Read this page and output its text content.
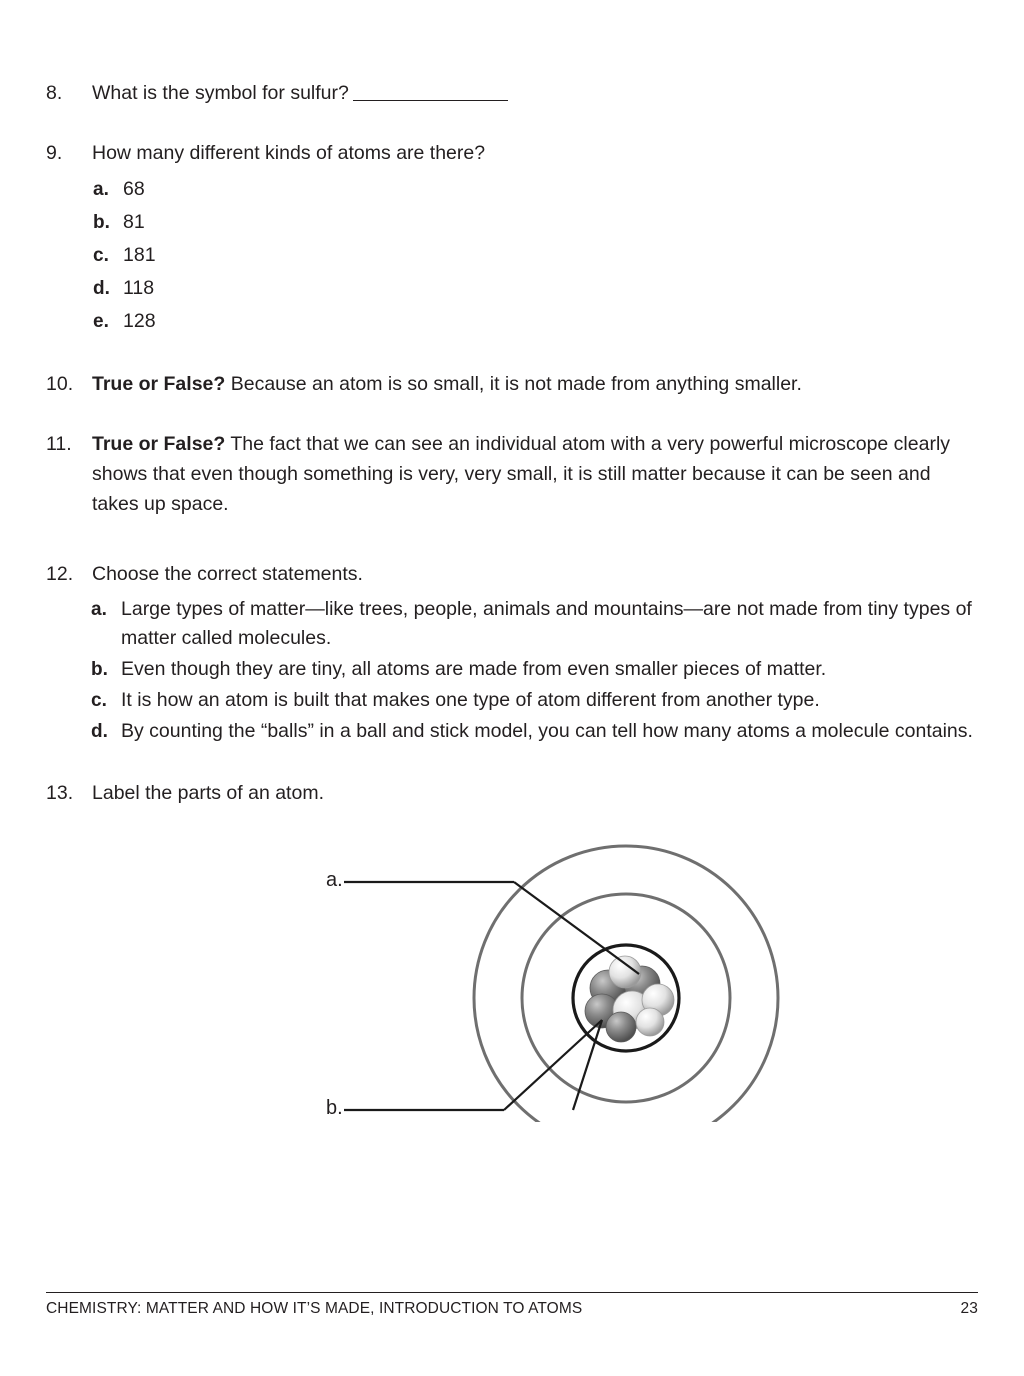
8.	What is the symbol for sulfur?
9.	How many different kinds of atoms are there?
a. 68
b. 81
c. 181
d. 118
e. 128
10. True or False? Because an atom is so small, it is not made from anything smaller.
11.	True or False? The fact that we can see an individual atom with a very powerful microscope clearly shows that even though something is very, very small, it is still matter because it can be seen and takes up space.
12. Choose the correct statements.
a. Large types of matter—like trees, people, animals and mountains—are not made from tiny types of matter called molecules.
b. Even though they are tiny, all atoms are made from even smaller pieces of matter.
c. It is how an atom is built that makes one type of atom different from another type.
d. By counting the “balls” in a ball and stick model, you can tell how many atoms a molecule contains.
13. Label the parts of an atom.
a.
b.
CHEMISTRY: MATTER AND HOW IT’S MADE, INTRODUCTION TO ATOMS	23
